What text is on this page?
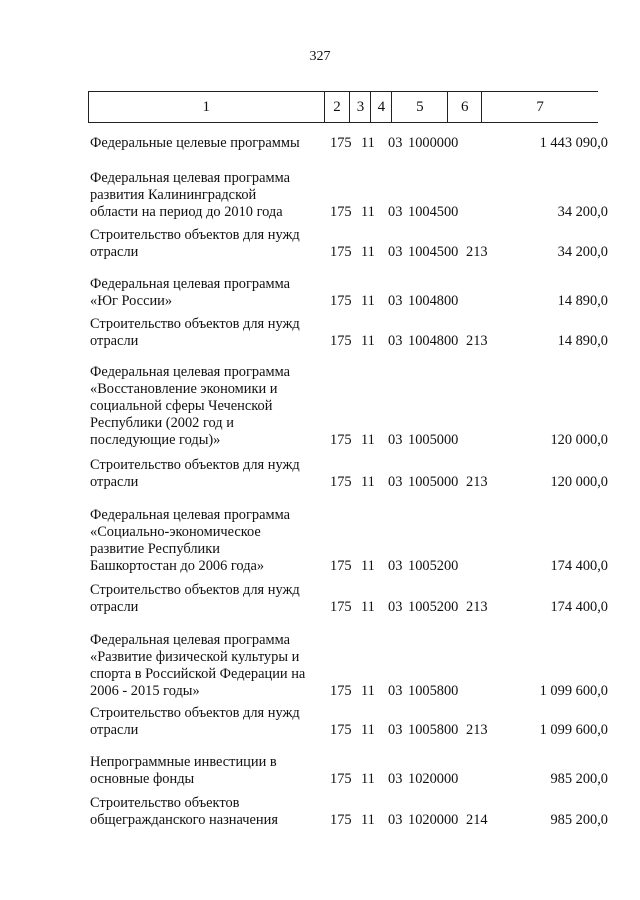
327
1	2	3 4	5	6	7
Федеральные целевые программы	175 11 03 1000000	1 443 090,0
Федеральная целевая программа
развития Калининградской
области на период до 2010 года	175 11 03 1004500	34 200,0
Строительство объектов для нужд
отрасли	175 11 03 1004500 213	34 200,0
Федеральная целевая программа
«Юг России»	175 11 03 1004800	14 890,0
Строительство объектов для нужд
отрасли	175 11 03 1004800 213	14 890,0
Федеральная целевая программа
«Восстановление экономики и
социальной сферы Чеченской
Республики (2002 год и
последующие годы)»	175 11 03 1005000	120 000,0
Строительство объектов для нужд
отрасли	175 11 03 1005000 213	120 000,0
Федеральная целевая программа
«Социально-экономическое
развитие Республики
Башкортостан до 2006 года»	175 11 03 1005200	174 400,0
Строительство объектов для нужд
отрасли	175 11 03 1005200 213	174 400,0
Федеральная целевая программа
«Развитие физической культуры и
спорта в Российской Федерации на
2006 - 2015 годы»	175 11 03 1005800	1 099 600,0
Строительство объектов для нужд
отрасли	175 11 03 1005800 213	1 099 600,0
Непрограммные инвестиции в
основные фонды	175 11 03 1020000	985 200,0
Строительство объектов
общегражданского назначения	175 11 03 1020000 214	985 200,0
